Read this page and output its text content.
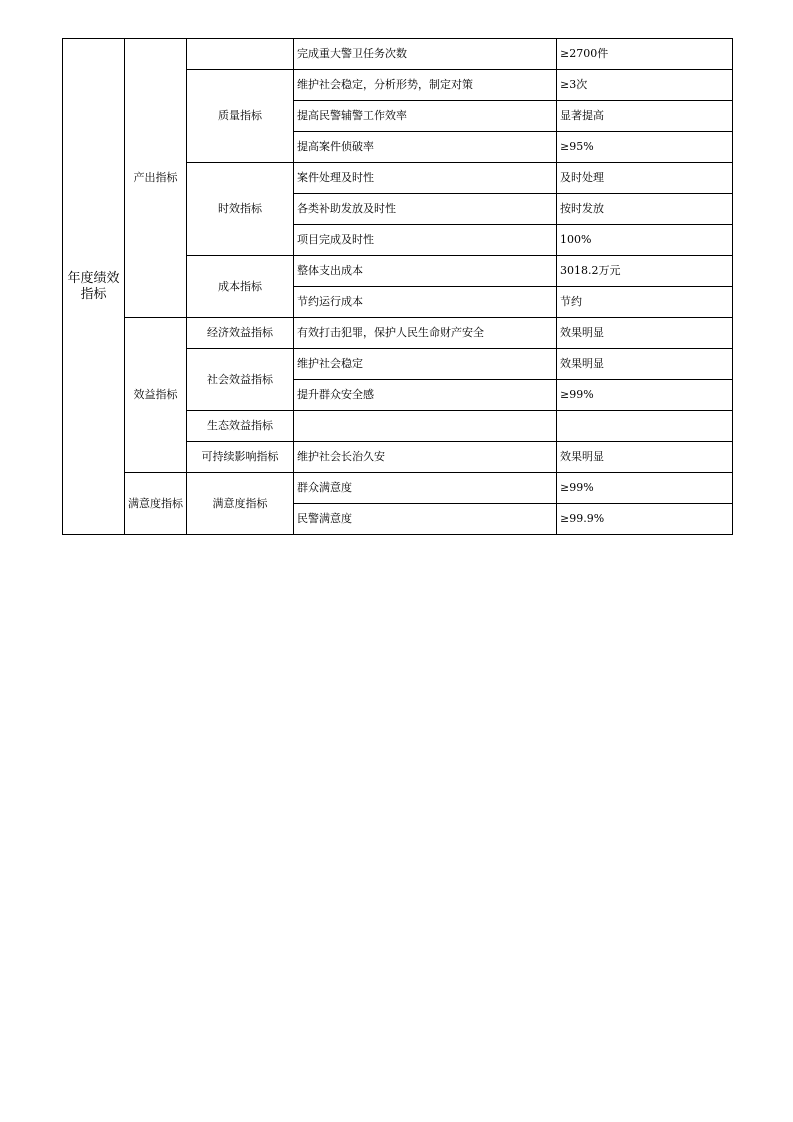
年度绩效指标	产出指标		完成重大警卫任务次数	≥2700件
		质量指标	维护社会稳定，分析形势，制定对策	≥3次
			提高民警辅警工作效率	显著提高
			提高案件侦破率	≥95%
		时效指标	案件处理及时性	及时处理
			各类补助发放及时性	按时发放
			项目完成及时性	100%
		成本指标	整体支出成本	3018.2万元
			节约运行成本	节约
	效益指标	经济效益指标	有效打击犯罪，保护人民生命财产安全	效果明显
		社会效益指标	维护社会稳定	效果明显
			提升群众安全感	≥99%
		生态效益指标		
		可持续影响指标	维护社会长治久安	效果明显
	满意度指标	满意度指标	群众满意度	≥99%
			民警满意度	≥99.9%
